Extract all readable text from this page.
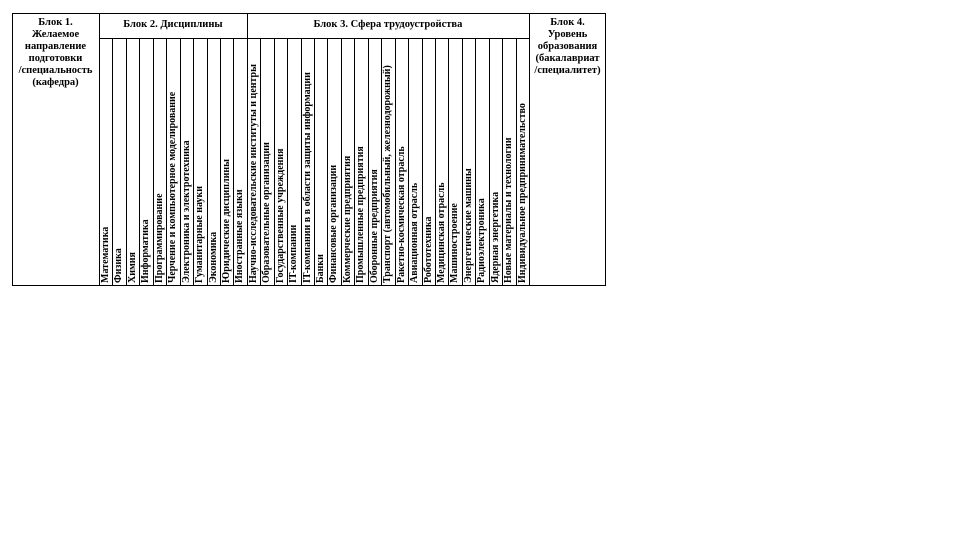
Блок 1.
Желаемое
направление
подготовки
/специальность
(кафедра)
Блок 2. Дисциплины	Блок 3. Сфера трудоустройства	Блок 4.
Уровень
образования
(бакалавриат
/специалитет)
Математика Физика Химия Информатика Программирование Черчение и компьютерное моделирование Электроника и электротехника Гуманитарные науки Экономика Юридические дисциплины Иностранные языки Научно-исследовательские институты и центры Образовательные организации Государственные учреждения IT-компании IT-компании в в области защиты информации Банки Финансовые организации Коммерческие предприятия Промышленные предприятия Оборонные предприятия Транспорт (автомобильный, железнодорожный) Ракетно-космическая отрасль Авиационная отрасль Робототехника Медицинская отрасль Машиностроение Энергетические машины Радиоэлектроника Ядерная энергетика Новые материалы и технологии Индивидуальное предпринимательство
